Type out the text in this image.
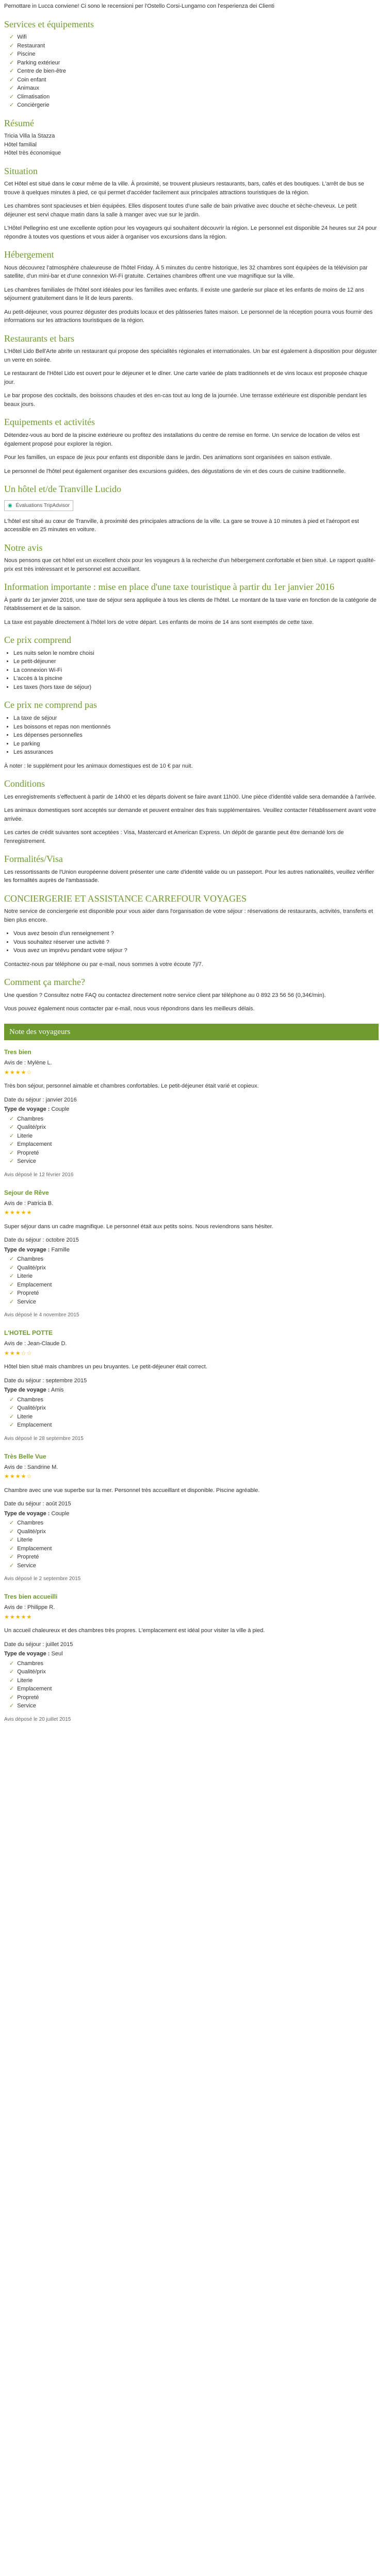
Pernottare in Lucca conviene! Ci sono le recensioni per l'Ostello Corsi-Lungarno con l'esperienza dei Clienti

Services et équipements
✓ Wifi
✓ Restaurant
✓ Piscine
✓ Parking extérieur
✓ Centre de bien-être
✓ Coin enfant
✓ Animaux
✓ Climatisation
✓ Concièrgerie
Résumé

Tricia Villa la Stazza
Hôtel familial
Hôtel très économique

Situation

Cet Hôtel est situé dans le cœur même de la ville. À proximité, se trouvent plusieurs restaurants, bars, cafés et des boutiques. L'arrêt de bus se trouve à quelques minutes à pied, ce qui permet d'accéder facilement aux principales attractions touristiques de la région.

Les chambres sont spacieuses et bien équipées. Elles disposent toutes d'une salle de bain privative avec douche et sèche-cheveux. Le petit déjeuner est servi chaque matin dans la salle à manger avec vue sur le jardin.

L'Hôtel Pellegrino est une excellente option pour les voyageurs qui souhaitent découvrir la région. Le personnel est disponible 24 heures sur 24 pour répondre à toutes vos questions et vous aider à organiser vos excursions dans la région.

Hébergement

Nous découvrez l'atmosphère chaleureuse de l'hôtel Friday. À 5 minutes du centre historique, les 32 chambres sont équipées de la télévision par satellite, d'un mini-bar et d'une connexion Wi-Fi gratuite. Certaines chambres offrent une vue magnifique sur la ville.

Les chambres familiales de l'hôtel sont idéales pour les familles avec enfants. Il existe une garderie sur place et les enfants de moins de 12 ans séjournent gratuitement dans le lit de leurs parents.

Au petit-déjeuner, vous pourrez déguster des produits locaux et des pâtisseries faites maison. Le personnel de la réception pourra vous fournir des informations sur les attractions touristiques de la région.

Restaurants et bars

L'Hôtel Lido Bell'Arte abrite un restaurant qui propose des spécialités régionales et internationales. Un bar est également à disposition pour déguster un verre en soirée.

Le restaurant de l'Hôtel Lido est ouvert pour le déjeuner et le dîner. Une carte variée de plats traditionnels et de vins locaux est proposée chaque jour.

Le bar propose des cocktails, des boissons chaudes et des en-cas tout au long de la journée. Une terrasse extérieure est disponible pendant les beaux jours.

Equipements et activités

Détendez-vous au bord de la piscine extérieure ou profitez des installations du centre de remise en forme. Un service de location de vélos est également proposé pour explorer la région.

Pour les familles, un espace de jeux pour enfants est disponible dans le jardin. Des animations sont organisées en saison estivale.

Le personnel de l'hôtel peut également organiser des excursions guidées, des dégustations de vin et des cours de cuisine traditionnelle.

Un hôtel et/de Tranville Lucido
◉ Évaluations TripAdvisor

L'hôtel est situé au cœur de Tranville, à proximité des principales attractions de la ville. La gare se trouve à 10 minutes à pied et l'aéroport est accessible en 25 minutes en voiture.

Notre avis

Nous pensons que cet hôtel est un excellent choix pour les voyageurs à la recherche d'un hébergement confortable et bien situé. Le rapport qualité-prix est très intéressant et le personnel est accueillant.

Information importante : mise en place d'une taxe touristique à partir du 1er janvier 2016

À partir du 1er janvier 2016, une taxe de séjour sera appliquée à tous les clients de l'hôtel. Le montant de la taxe varie en fonction de la catégorie de l'établissement et de la saison.

La taxe est payable directement à l'hôtel lors de votre départ. Les enfants de moins de 14 ans sont exemptés de cette taxe.

Ce prix comprend
• Les nuits selon le nombre choisi
• Le petit-déjeuner
• La connexion Wi-Fi
• L'accès à la piscine
• Les taxes (hors taxe de séjour)
Ce prix ne comprend pas
• La taxe de séjour
• Les boissons et repas non mentionnés
• Les dépenses personnelles
• Le parking
• Les assurances

À noter : le supplément pour les animaux domestiques est de 10 € par nuit.

Conditions

Les enregistrements s'effectuent à partir de 14h00 et les départs doivent se faire avant 11h00. Une pièce d'identité valide sera demandée à l'arrivée.

Les animaux domestiques sont acceptés sur demande et peuvent entraîner des frais supplémentaires. Veuillez contacter l'établissement avant votre arrivée.

Les cartes de crédit suivantes sont acceptées : Visa, Mastercard et American Express. Un dépôt de garantie peut être demandé lors de l'enregistrement.

Formalités/Visa

Les ressortissants de l'Union européenne doivent présenter une carte d'identité valide ou un passeport. Pour les autres nationalités, veuillez vérifier les formalités auprès de l'ambassade.

CONCIERGERIE ET ASSISTANCE CARREFOUR VOYAGES

Notre service de conciergerie est disponible pour vous aider dans l'organisation de votre séjour : réservations de restaurants, activités, transferts et bien plus encore.

• Vous avez besoin d'un renseignement ?
• Vous souhaitez réserver une activité ?
• Vous avez un imprévu pendant votre séjour ?

Contactez-nous par téléphone ou par e-mail, nous sommes à votre écoute 7j/7.

Comment ça marche?

Une question ? Consultez notre FAQ ou contactez directement notre service client par téléphone au 0 892 23 56 56 (0,34€/min).

Vous pouvez également nous contacter par e-mail, nous vous répondrons dans les meilleurs délais.

Note des voyageurs
Tres bien

Avis de : Mylène L.

★★★★☆

Très bon séjour, personnel aimable et chambres confortables. Le petit-déjeuner était varié et copieux.

Date du séjour : janvier 2016

Type de voyage : Couple

✓ Chambres
✓ Qualité/prix
✓ Literie
✓ Emplacement
✓ Propreté
✓ Service

Avis déposé le 12 février 2016

Sejour de Rêve

Avis de : Patricia B.

★★★★★

Super séjour dans un cadre magnifique. Le personnel était aux petits soins. Nous reviendrons sans hésiter.

Date du séjour : octobre 2015

Type de voyage : Famille

✓ Chambres
✓ Qualité/prix
✓ Literie
✓ Emplacement
✓ Propreté
✓ Service

Avis déposé le 4 novembre 2015

L'HOTEL POTTE

Avis de : Jean-Claude D.

★★★☆☆

Hôtel bien situé mais chambres un peu bruyantes. Le petit-déjeuner était correct.

Date du séjour : septembre 2015

Type de voyage : Amis

✓ Chambres
✓ Qualité/prix
✓ Literie
✓ Emplacement

Avis déposé le 28 septembre 2015

Très Belle Vue

Avis de : Sandrine M.

★★★★☆

Chambre avec une vue superbe sur la mer. Personnel très accueillant et disponible. Piscine agréable.

Date du séjour : août 2015

Type de voyage : Couple

✓ Chambres
✓ Qualité/prix
✓ Literie
✓ Emplacement
✓ Propreté
✓ Service

Avis déposé le 2 septembre 2015

Tres bien accueilli

Avis de : Philippe R.

★★★★★

Un accueil chaleureux et des chambres très propres. L'emplacement est idéal pour visiter la ville à pied.

Date du séjour : juillet 2015

Type de voyage : Seul

✓ Chambres
✓ Qualité/prix
✓ Literie
✓ Emplacement
✓ Propreté
✓ Service

Avis déposé le 20 juillet 2015
